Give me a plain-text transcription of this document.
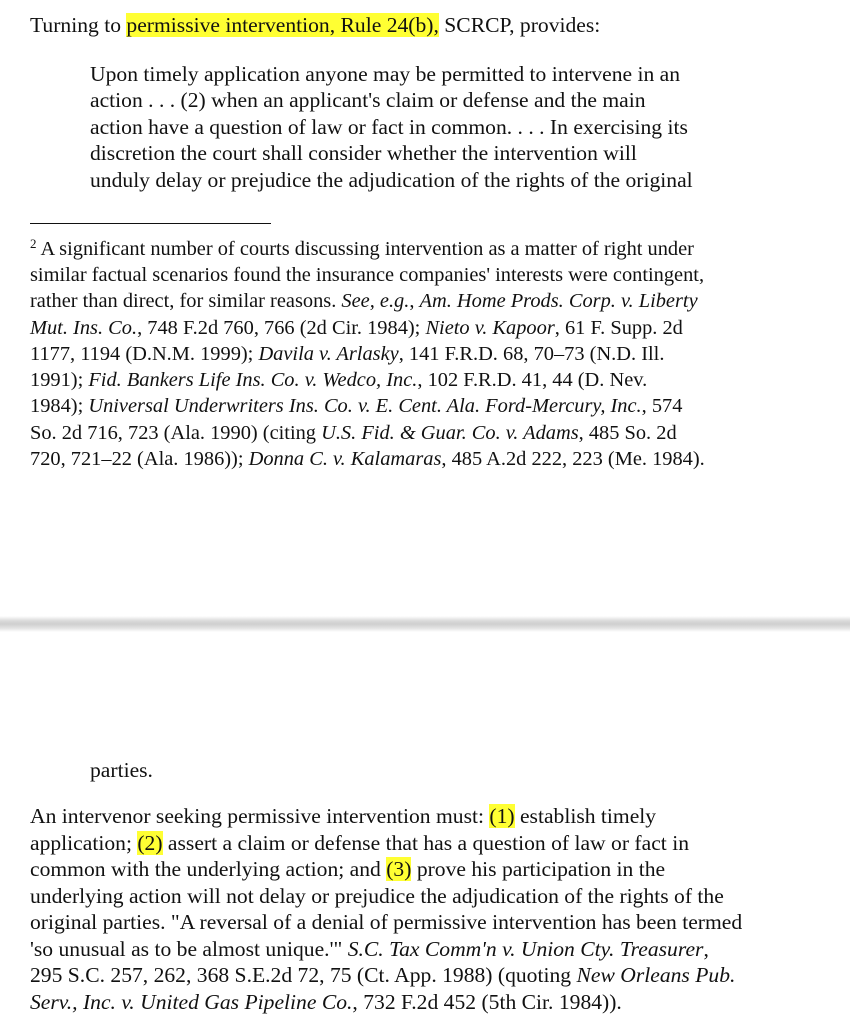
Turning to permissive intervention, Rule 24(b), SCRCP, provides:

Upon timely application anyone may be permitted to intervene in an

action . . . (2) when an applicant's claim or defense and the main

action have a question of law or fact in common. . . . In exercising its

discretion the court shall consider whether the intervention will

unduly delay or prejudice the adjudication of the rights of the original

$^2$ A significant number of courts discussing intervention as a matter of right under

similar factual scenarios found the insurance companies' interests were contingent,

rather than direct, for similar reasons. See, e.g., Am. Home Prods. Corp. v. Liberty

Mut. Ins. Co., 748 F.2d 760, 766 (2d Cir. 1984); Nieto v. Kapoor, 61 F. Supp. 2d

1177, 1194 (D.N.M. 1999); Davila v. Arlasky, 141 F.R.D. 68, 70–73 (N.D. Ill.

1991); Fid. Bankers Life Ins. Co. v. Wedco, Inc., 102 F.R.D. 41, 44 (D. Nev.

1984); Universal Underwriters Ins. Co. v. E. Cent. Ala. Ford-Mercury, Inc., 574

So. 2d 716, 723 (Ala. 1990) (citing U.S. Fid. & Guar. Co. v. Adams, 485 So. 2d

720, 721–22 (Ala. 1986)); Donna C. v. Kalamaras, 485 A.2d 222, 223 (Me. 1984).

parties.

An intervenor seeking permissive intervention must: (1) establish timely

application; (2) assert a claim or defense that has a question of law or fact in

common with the underlying action; and (3) prove his participation in the

underlying action will not delay or prejudice the adjudication of the rights of the

original parties. "A reversal of a denial of permissive intervention has been termed

'so unusual as to be almost unique.'" S.C. Tax Comm'n v. Union Cty. Treasurer,

295 S.C. 257, 262, 368 S.E.2d 72, 75 (Ct. App. 1988) (quoting New Orleans Pub.

Serv., Inc. v. United Gas Pipeline Co., 732 F.2d 452 (5th Cir. 1984)).
